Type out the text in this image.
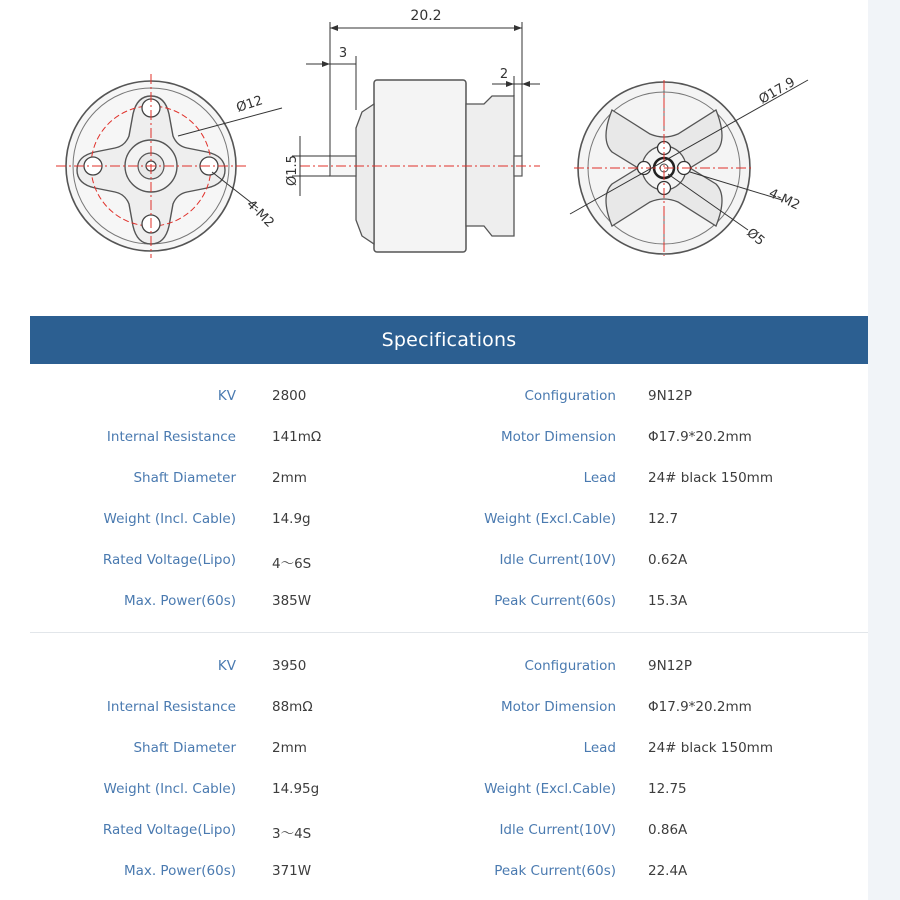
Ø12
4-M2
20.2
3
2
Ø1.5
Ø17.9
4-M2
Ø5
Specifications
KV	2800	Configuration 9N12P
Internal Resistance	141mΩ	Motor Dimension Φ17.9*20.2mm
Shaft Diameter	2mm	Lead 24# black 150mm
Weight (Incl. Cable)	14.9g	Weight (Excl.Cable) 12.7
Rated Voltage(Lipo)	4～6S	Idle Current(10V) 0.62A
Max. Power(60s)	385W	Peak Current(60s) 15.3A
KV	3950	Configuration 9N12P
Internal Resistance	88mΩ	Motor Dimension Φ17.9*20.2mm
Shaft Diameter	2mm	Lead 24# black 150mm
Weight (Incl. Cable)	14.95g	Weight (Excl.Cable) 12.75
Rated Voltage(Lipo)	3～4S	Idle Current(10V) 0.86A
Max. Power(60s)	371W	Peak Current(60s) 22.4A
